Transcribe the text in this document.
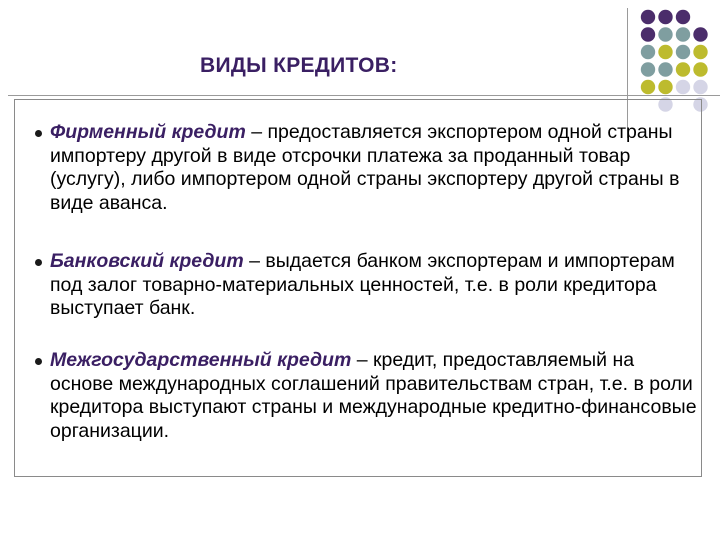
ВИДЫ КРЕДИТОВ:

Фирменный кредит – предоставляется экспортером одной страны импортеру другой в виде отсрочки платежа за проданный товар (услугу), либо импортером одной страны экспортеру другой страны в виде аванса.

Банковский кредит – выдается банком экспортерам и импортерам под залог товарно-материальных ценностей, т.е. в роли кредитора выступает банк.

Межгосударственный кредит – кредит, предоставляемый на основе международных соглашений правительствам стран, т.е. в роли кредитора выступают страны и международные кредитно-финансовые организации.
